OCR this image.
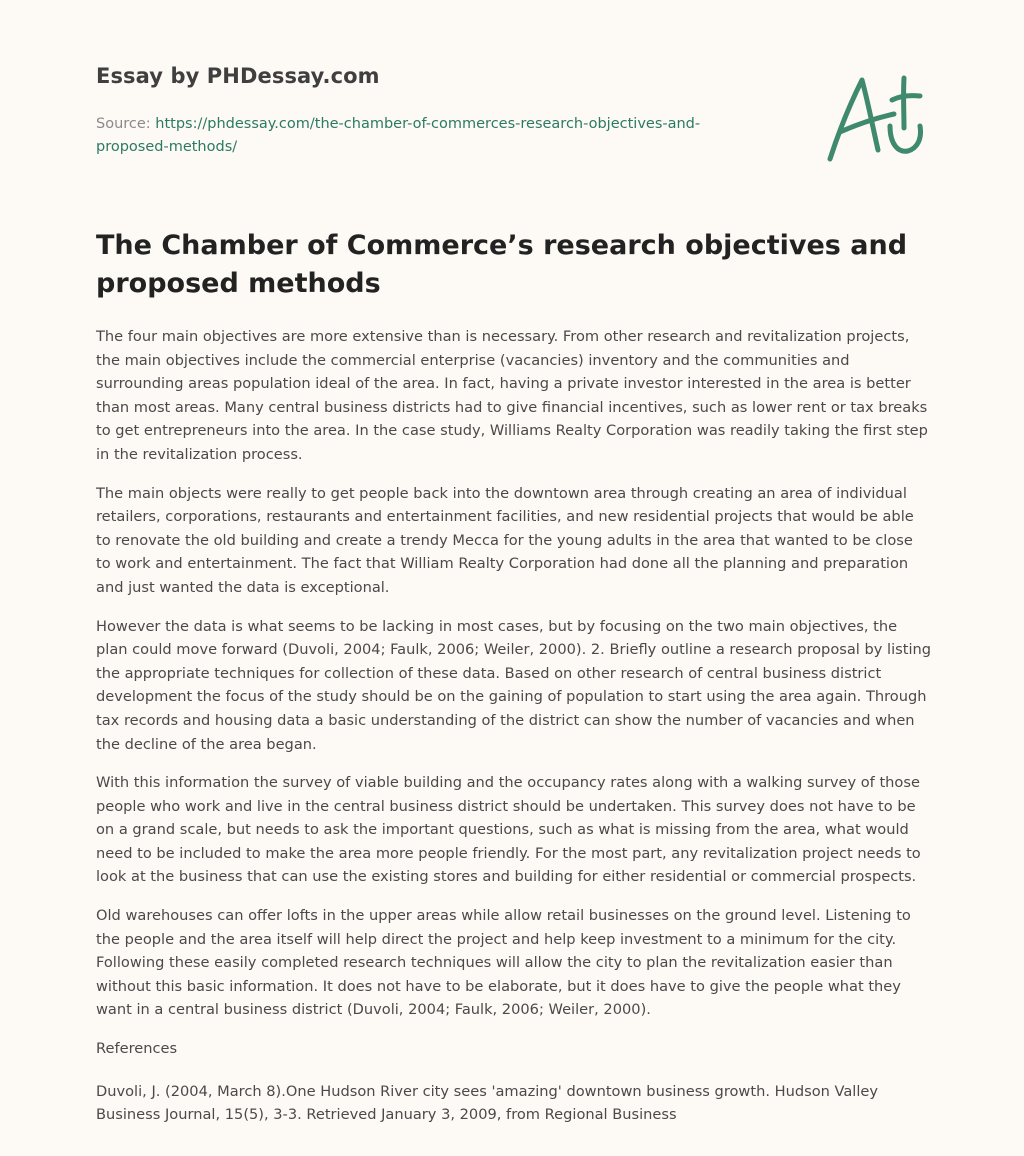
Essay by PHDessay.com
Source: https://phdessay.com/the-chamber-of-commerces-research-objectives-and-proposed-methods/
The Chamber of Commerce’s research objectives and proposed methods

The four main objectives are more extensive than is necessary. From other research and revitalization projects, the main objectives include the commercial enterprise (vacancies) inventory and the communities and surrounding areas population ideal of the area. In fact, having a private investor interested in the area is better than most areas. Many central business districts had to give financial incentives, such as lower rent or tax breaks to get entrepreneurs into the area. In the case study, Williams Realty Corporation was readily taking the first step in the revitalization process.

The main objects were really to get people back into the downtown area through creating an area of individual retailers, corporations, restaurants and entertainment facilities, and new residential projects that would be able to renovate the old building and create a trendy Mecca for the young adults in the area that wanted to be close to work and entertainment. The fact that William Realty Corporation had done all the planning and preparation and just wanted the data is exceptional.

However the data is what seems to be lacking in most cases, but by focusing on the two main objectives, the plan could move forward (Duvoli, 2004; Faulk, 2006; Weiler, 2000). 2. Briefly outline a research proposal by listing the appropriate techniques for collection of these data. Based on other research of central business district development the focus of the study should be on the gaining of population to start using the area again. Through tax records and housing data a basic understanding of the district can show the number of vacancies and when the decline of the area began.

With this information the survey of viable building and the occupancy rates along with a walking survey of those people who work and live in the central business district should be undertaken. This survey does not have to be on a grand scale, but needs to ask the important questions, such as what is missing from the area, what would need to be included to make the area more people friendly. For the most part, any revitalization project needs to look at the business that can use the existing stores and building for either residential or commercial prospects.

Old warehouses can offer lofts in the upper areas while allow retail businesses on the ground level. Listening to the people and the area itself will help direct the project and help keep investment to a minimum for the city. Following these easily completed research techniques will allow the city to plan the revitalization easier than without this basic information. It does not have to be elaborate, but it does have to give the people what they want in a central business district (Duvoli, 2004; Faulk, 2006; Weiler, 2000).

References

Duvoli, J. (2004, March 8).One Hudson River city sees 'amazing' downtown business growth. Hudson Valley Business Journal, 15(5), 3-3. Retrieved January 3, 2009, from Regional Business
